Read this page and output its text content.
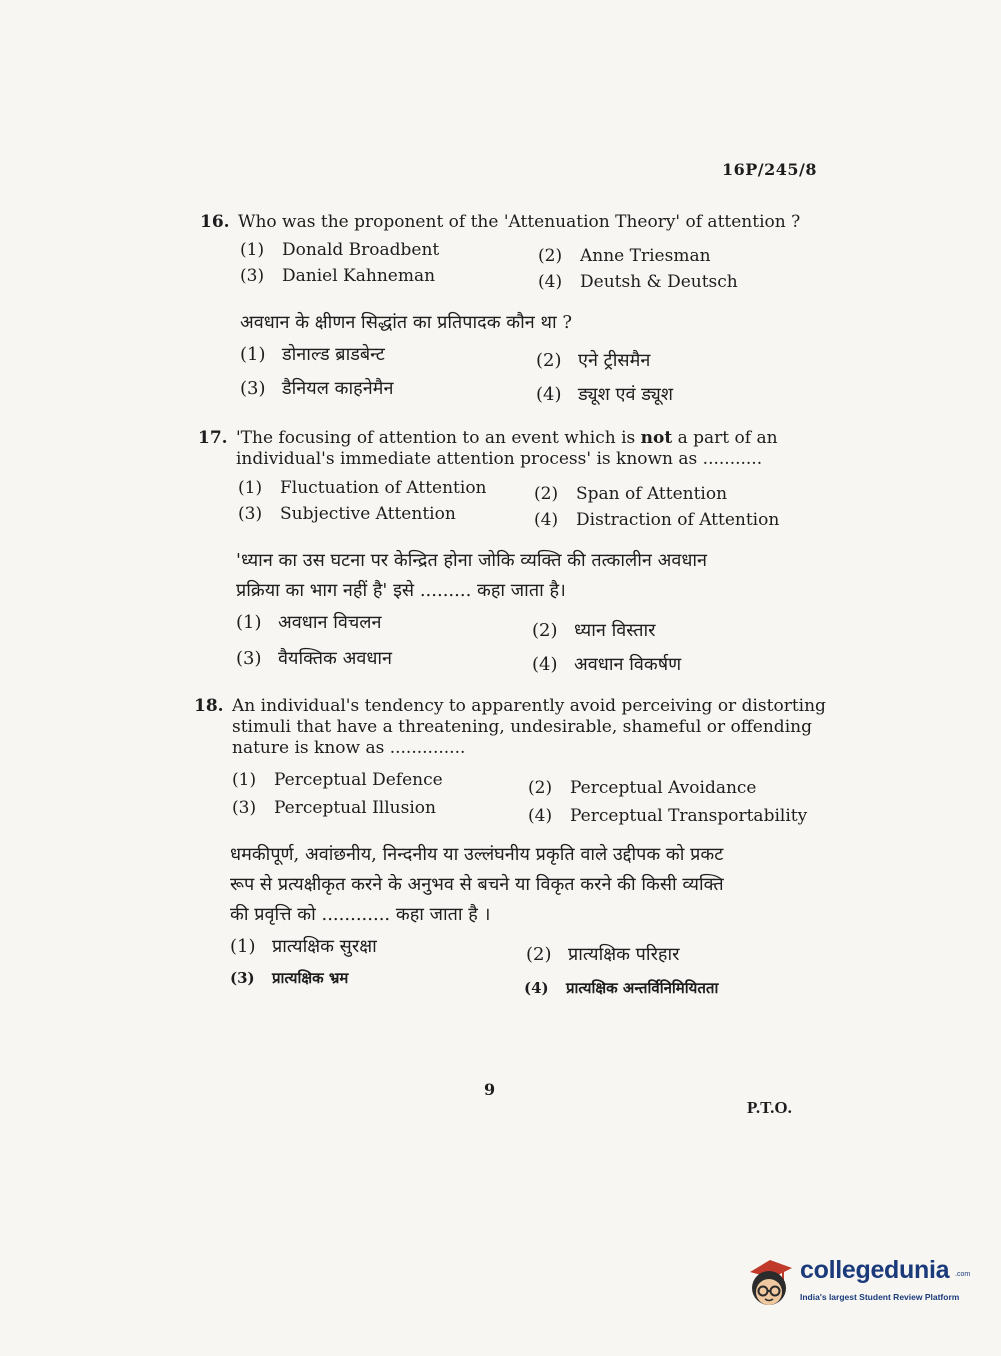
16P/245/8
16. Who was the proponent of the 'Attenuation Theory' of attention ?
(1) Donald Broadbent	(2) Anne Triesman
(3) Daniel Kahneman	(4) Deutsh & Deutsch
अवधान के क्षीणन सिद्धांत का प्रतिपादक कौन था ?
(1) डोनाल्ड ब्राडबेन्ट	(2) एने ट्रीसमैन
(3) डैनियल काहनेमैन	(4) ड्यूश एवं ड्यूश
17. 'The focusing of attention to an event which is not a part of an
individual's immediate attention process' is known as ...........
(1) Fluctuation of Attention	(2) Span of Attention
(3) Subjective Attention	(4) Distraction of Attention
'ध्यान का उस घटना पर केन्द्रित होना जोकि व्यक्ति की तत्कालीन अवधान
प्रक्रिया का भाग नहीं है' इसे ......... कहा जाता है।
(1) अवधान विचलन	(2) ध्यान विस्तार
(3) वैयक्तिक अवधान	(4) अवधान विकर्षण
18. An individual's tendency to apparently avoid perceiving or distorting
stimuli that have a threatening, undesirable, shameful or offending
nature is know as ..............
(1) Perceptual Defence	(2) Perceptual Avoidance
(3) Perceptual Illusion	(4) Perceptual Transportability
धमकीपूर्ण, अवांछनीय, निन्दनीय या उल्लंघनीय प्रकृति वाले उद्दीपक को प्रकट
रूप से प्रत्यक्षीकृत करने के अनुभव से बचने या विकृत करने की किसी व्यक्ति
की प्रवृत्ति को ............ कहा जाता है ।
(1) प्रात्यक्षिक सुरक्षा	(2) प्रात्यक्षिक परिहार
(3) प्रात्यक्षिक भ्रम
(4) प्रात्यक्षिक अन्तर्विनिमियितता
9
P.T.O.
collegedunia .com
India's largest Student Review Platform
